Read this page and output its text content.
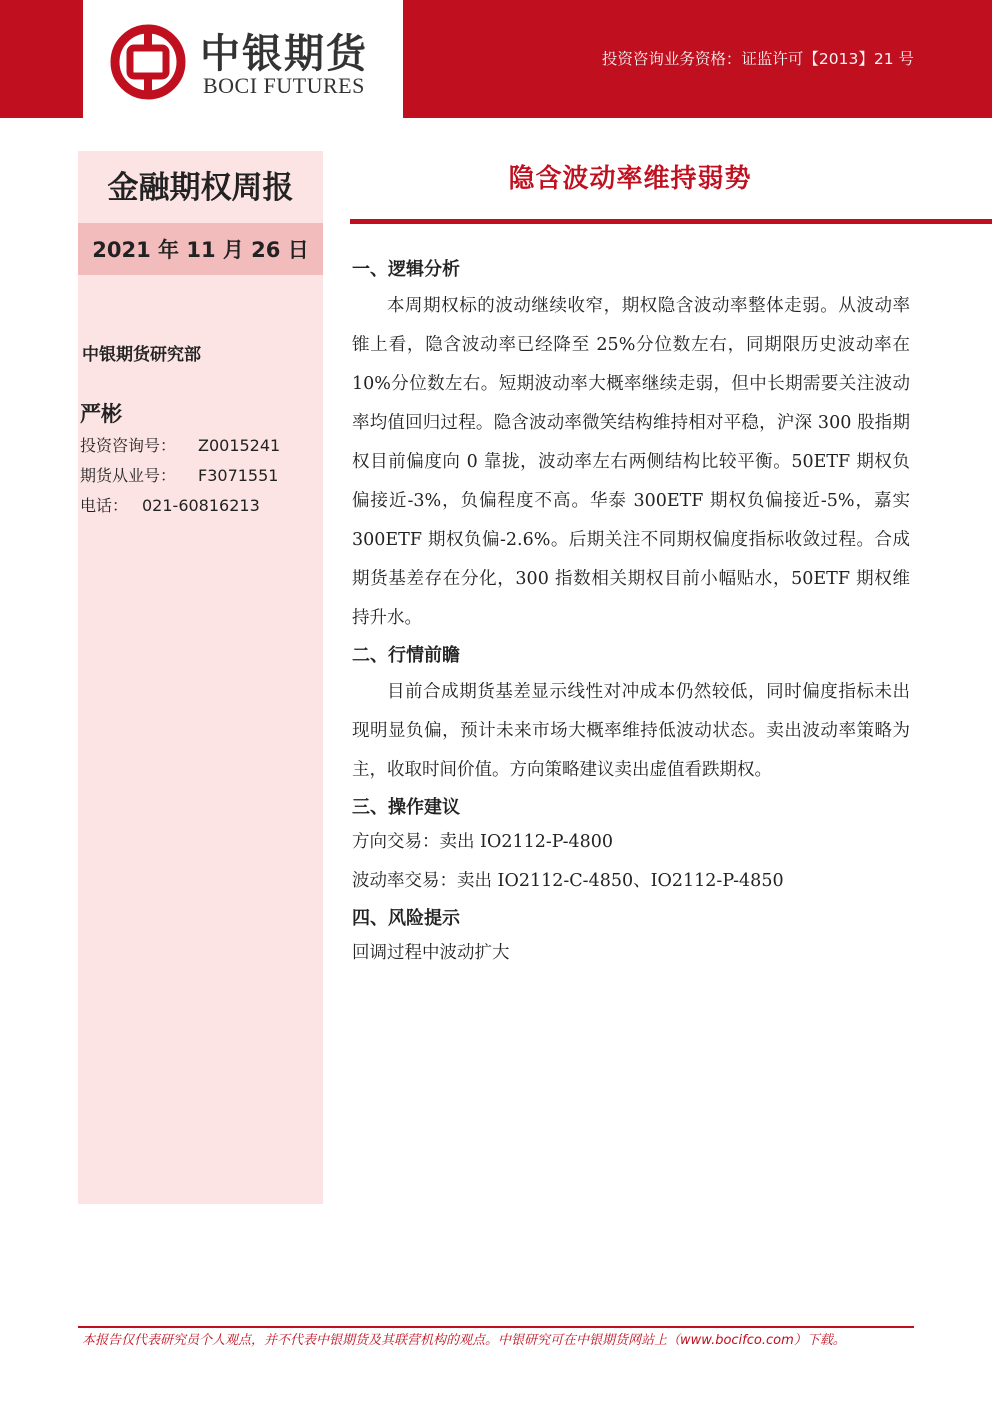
中银期货
BOCI FUTURES
投资咨询业务资格：证监许可【2013】21 号
金融期权周报
2021 年 11 月 26 日
中银期货研究部
严彬
投资咨询号： Z0015241
期货从业号： F3071551
电话： 021-60816213
隐含波动率维持弱势
一、逻辑分析

本周期权标的波动继续收窄，期权隐含波动率整体走弱。从波动率锥上看，隐含波动率已经降至 25%分位数左右，同期限历史波动率在 10%分位数左右。短期波动率大概率继续走弱，但中长期需要关注波动率均值回归过程。隐含波动率微笑结构维持相对平稳，沪深 300 股指期权目前偏度向 0 靠拢，波动率左右两侧结构比较平衡。50ETF 期权负偏接近-3%，负偏程度不高。华泰 300ETF 期权负偏接近-5%，嘉实 300ETF 期权负偏-2.6%。后期关注不同期权偏度指标收敛过程。合成期货基差存在分化，300 指数相关期权目前小幅贴水，50ETF 期权维持升水。

二、行情前瞻

目前合成期货基差显示线性对冲成本仍然较低，同时偏度指标未出现明显负偏，预计未来市场大概率维持低波动状态。卖出波动率策略为主，收取时间价值。方向策略建议卖出虚值看跌期权。

三、操作建议
方向交易：卖出 IO2112-P-4800
波动率交易：卖出 IO2112-C-4850、IO2112-P-4850
四、风险提示
回调过程中波动扩大
本报告仅代表研究员个人观点，并不代表中银期货及其联营机构的观点。中银研究可在中银期货网站上（www.bocifco.com）下载。
